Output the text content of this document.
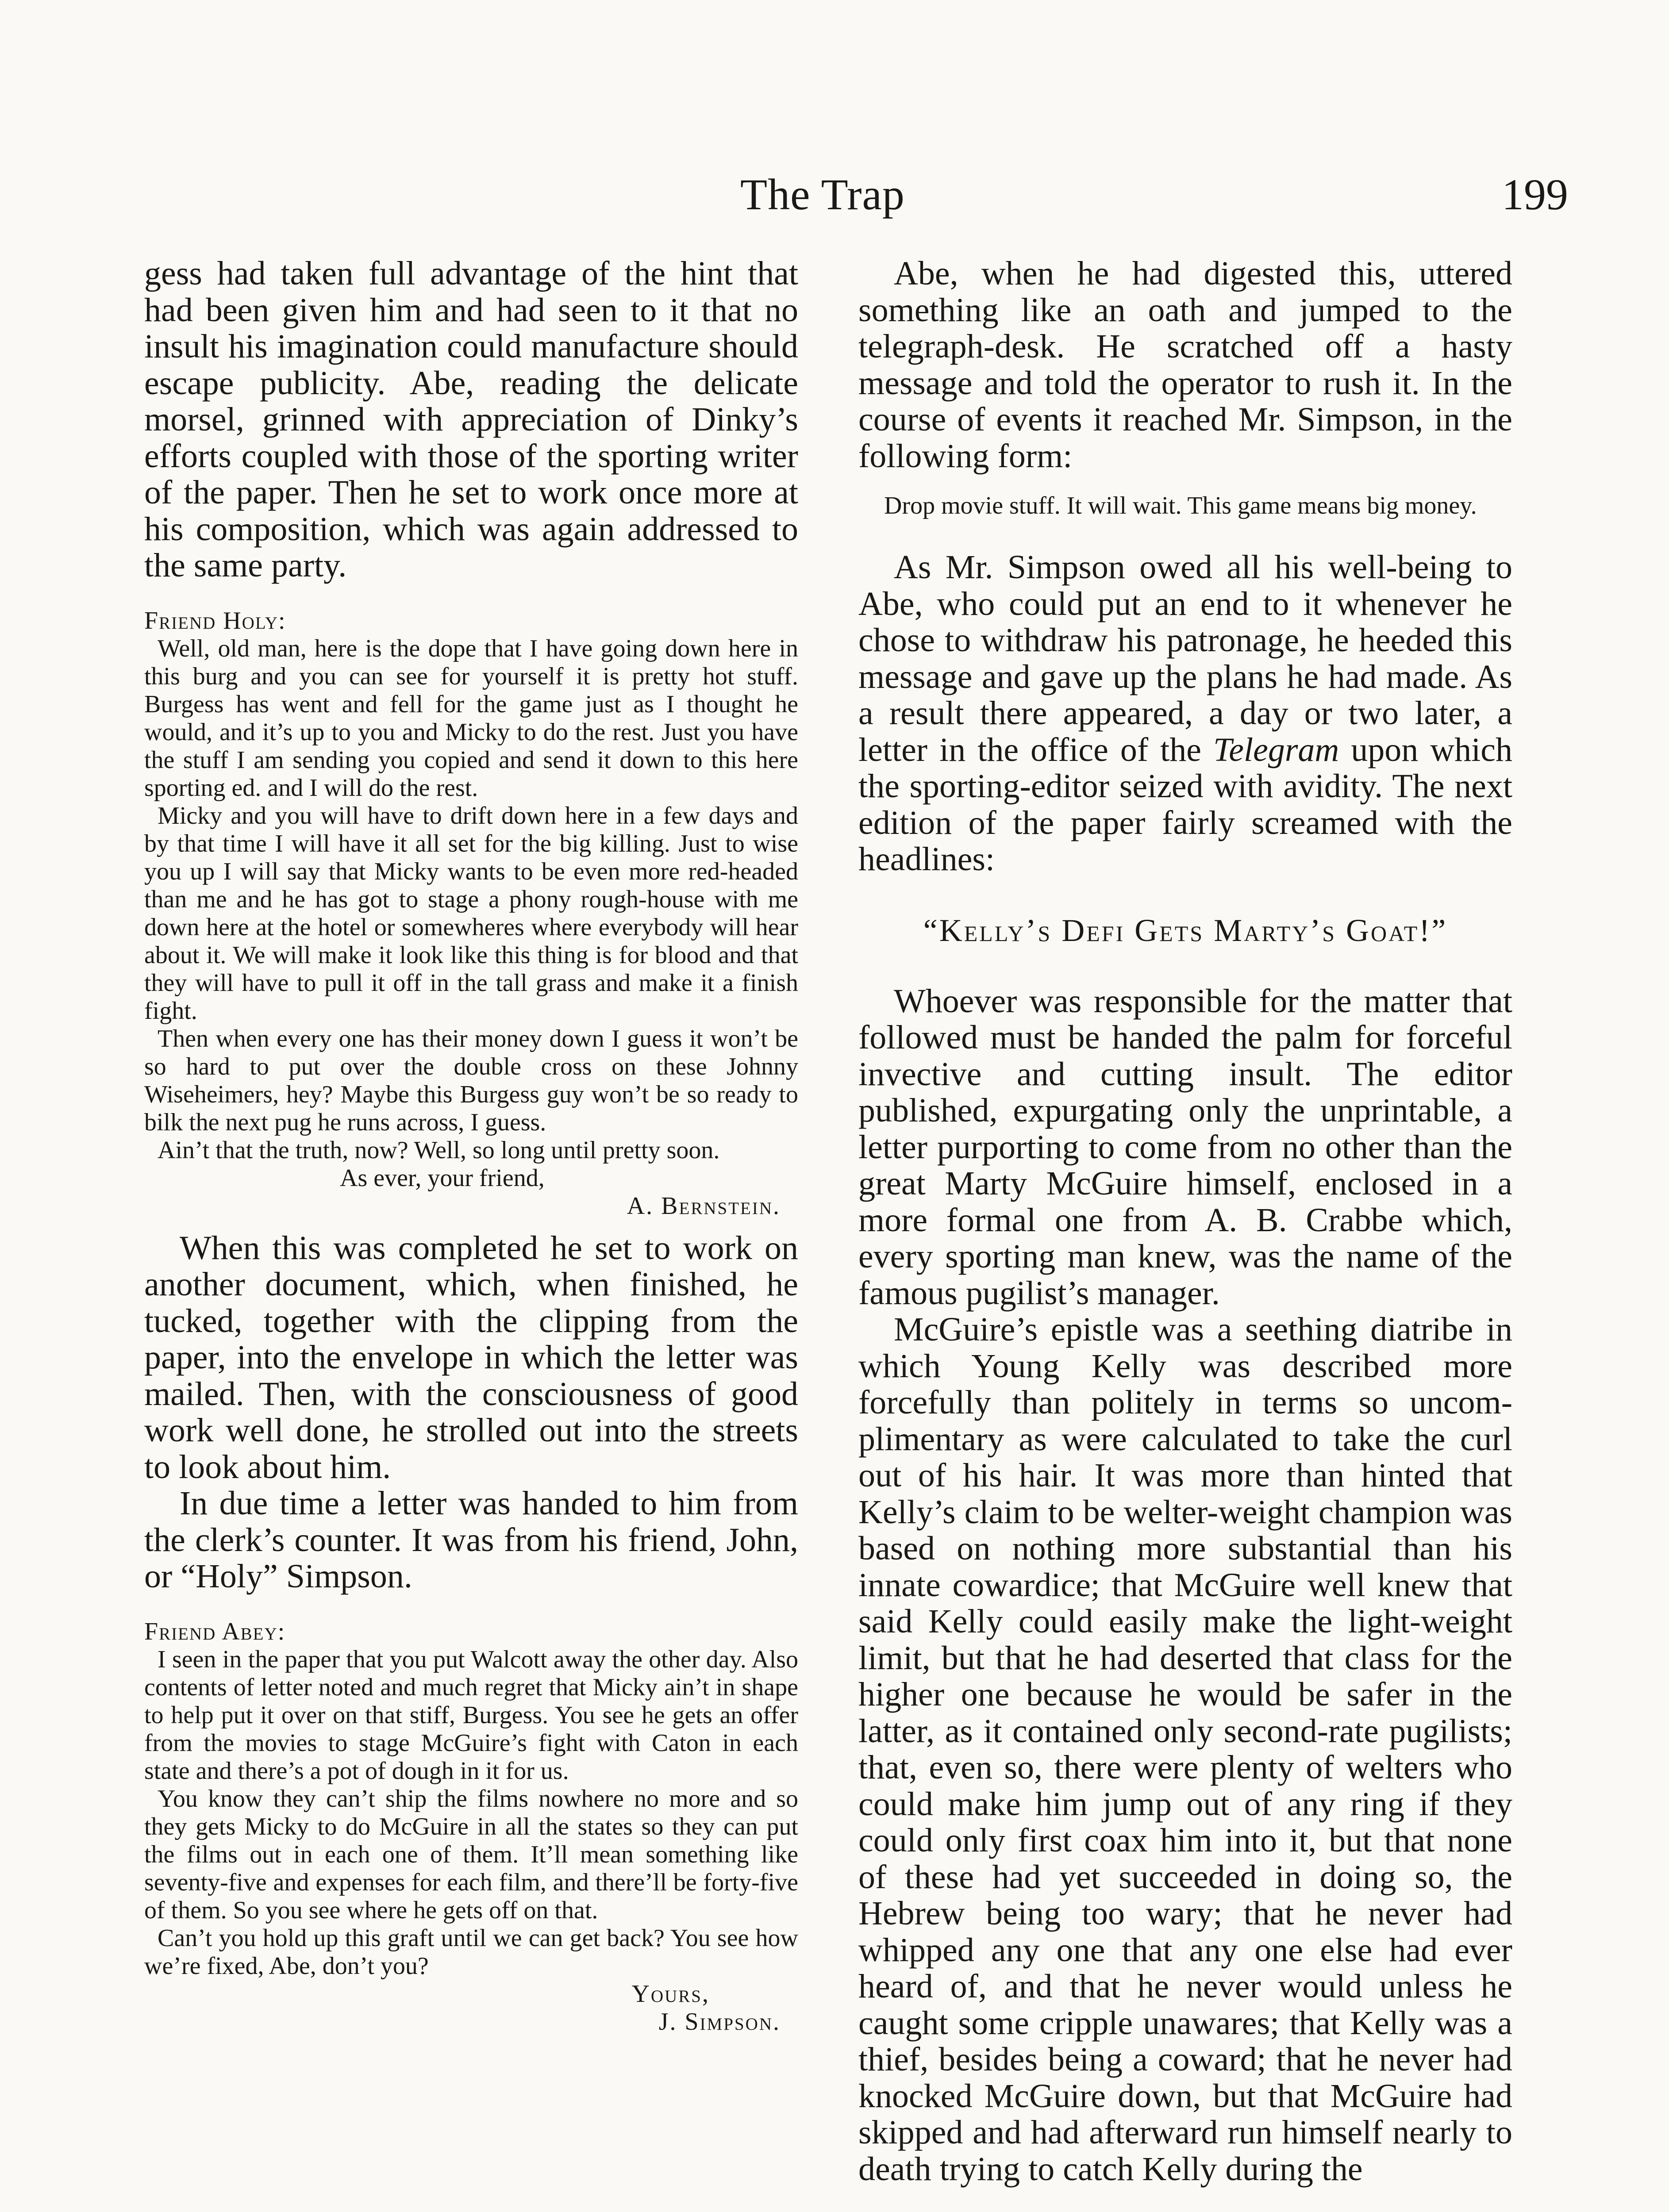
The Trap	199

gess had taken full advantage of the hint that had been given him and had seen to it that no insult his imagination could manufacture should escape publicity. Abe, reading the delicate morsel, grinned with appreciation of Dinky’s efforts coupled with those of the sporting writer of the paper. Then he set to work once more at his composition, which was again addressed to the same party.

Friend Holy:

Well, old man, here is the dope that I have going down here in this burg and you can see for yourself it is pretty hot stuff. Burgess has went and fell for the game just as I thought he would, and it’s up to you and Micky to do the rest. Just you have the stuff I am sending you copied and send it down to this here sporting ed. and I will do the rest.

Micky and you will have to drift down here in a few days and by that time I will have it all set for the big killing. Just to wise you up I will say that Micky wants to be even more red-headed than me and he has got to stage a phony rough-house with me down here at the hotel or somewheres where everybody will hear about it. We will make it look like this thing is for blood and that they will have to pull it off in the tall grass and make it a finish fight.

Then when every one has their money down I guess it won’t be so hard to put over the double cross on these Johnny Wiseheimers, hey? Maybe this Burgess guy won’t be so ready to bilk the next pug he runs across, I guess.

Ain’t that the truth, now? Well, so long until pretty soon.

As ever, your friend,

A. Bernstein.

When this was completed he set to work on another document, which, when finished, he tucked, together with the clipping from the paper, into the envelope in which the letter was mailed. Then, with the consciousness of good work well done, he strolled out into the streets to look about him.

In due time a letter was handed to him from the clerk’s counter. It was from his friend, John, or “Holy” Simpson.

Friend Abey:

I seen in the paper that you put Walcott away the other day. Also contents of letter noted and much regret that Micky ain’t in shape to help put it over on that stiff, Burgess. You see he gets an offer from the movies to stage McGuire’s fight with Caton in each state and there’s a pot of dough in it for us.

You know they can’t ship the films nowhere no more and so they gets Micky to do McGuire in all the states so they can put the films out in each one of them. It’ll mean something like seventy-five and expenses for each film, and there’ll be forty-five of them. So you see where he gets off on that.

Can’t you hold up this graft until we can get back? You see how we’re fixed, Abe, don’t you?

Yours,

J. Simpson.

Abe, when he had digested this, uttered something like an oath and jumped to the telegraph-desk. He scratched off a hasty message and told the operator to rush it. In the course of events it reached Mr. Simpson, in the following form:

Drop movie stuff. It will wait. This game means big money.

As Mr. Simpson owed all his well-being to Abe, who could put an end to it whenever he chose to withdraw his patronage, he heeded this message and gave up the plans he had made. As a result there appeared, a day or two later, a letter in the office of the Telegram upon which the sporting-editor seized with avidity. The next edition of the paper fairly screamed with the headlines:

“Kelly’s Defi Gets Marty’s Goat!”

Whoever was responsible for the matter that followed must be handed the palm for forceful invective and cutting insult. The editor published, expurgating only the unprintable, a letter purporting to come from no other than the great Marty McGuire himself, enclosed in a more formal one from A. B. Crabbe which, every sporting man knew, was the name of the famous pugilist’s manager.

McGuire’s epistle was a seething diatribe in which Young Kelly was described more forcefully than politely in terms so uncomplimentary as were calculated to take the curl out of his hair. It was more than hinted that Kelly’s claim to be welter-weight champion was based on nothing more substantial than his innate cowardice; that McGuire well knew that said Kelly could easily make the light-weight limit, but that he had deserted that class for the higher one because he would be safer in the latter, as it contained only second-rate pugilists; that, even so, there were plenty of welters who could make him jump out of any ring if they could only first coax him into it, but that none of these had yet succeeded in doing so, the Hebrew being too wary; that he never had whipped any one that any one else had ever heard of, and that he never would unless he caught some cripple unawares; that Kelly was a thief, besides being a coward; that he never had knocked McGuire down, but that McGuire had skipped and had afterward run himself nearly to death trying to catch Kelly during the
